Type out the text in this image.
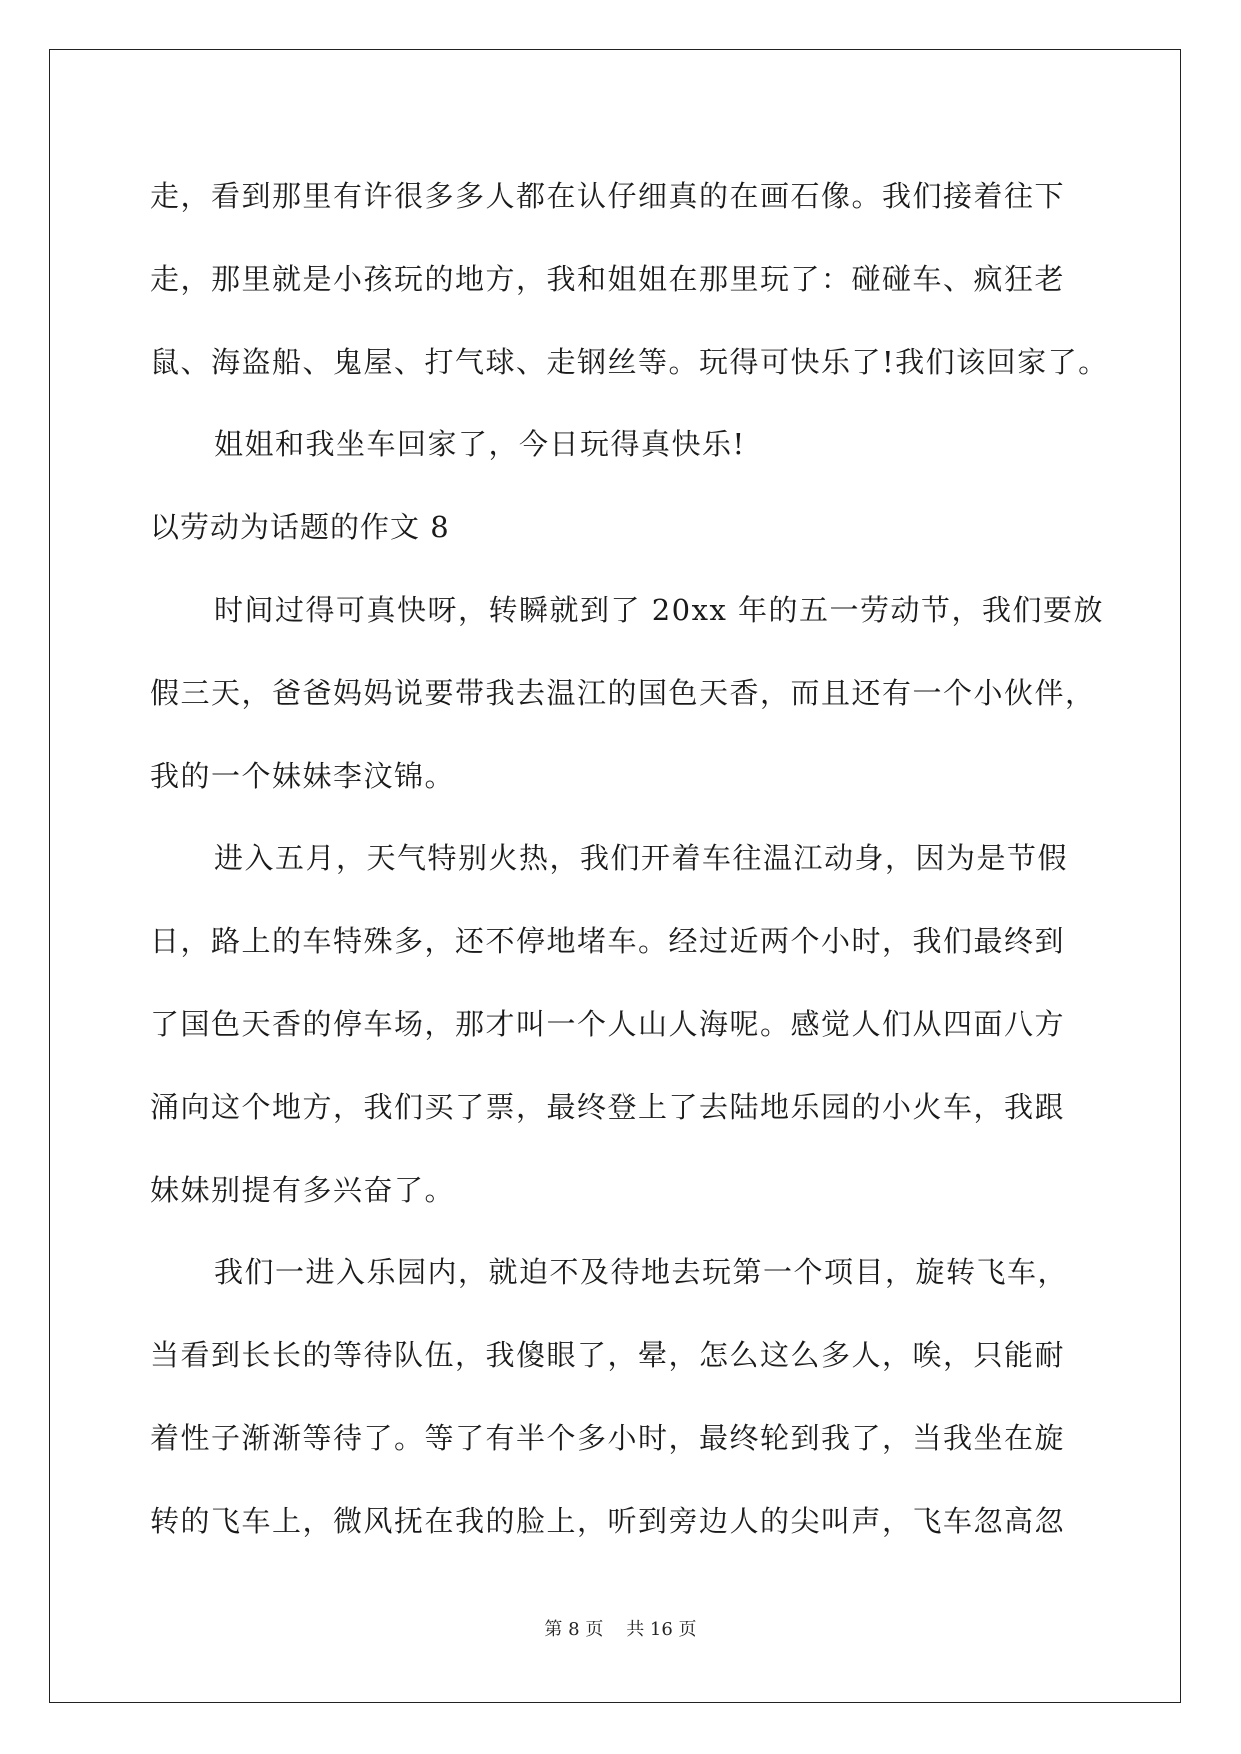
走，看到那里有许很多多人都在认仔细真的在画石像。我们接着往下
走，那里就是小孩玩的地方，我和姐姐在那里玩了：碰碰车、疯狂老
鼠、海盗船、鬼屋、打气球、走钢丝等。玩得可快乐了!我们该回家了。
姐姐和我坐车回家了，今日玩得真快乐!
以劳动为话题的作文 8
时间过得可真快呀，转瞬就到了 20xx 年的五一劳动节，我们要放
假三天，爸爸妈妈说要带我去温江的国色天香，而且还有一个小伙伴，
我的一个妹妹李汶锦。
进入五月，天气特别火热，我们开着车往温江动身，因为是节假
日，路上的车特殊多，还不停地堵车。经过近两个小时，我们最终到
了国色天香的停车场，那才叫一个人山人海呢。感觉人们从四面八方
涌向这个地方，我们买了票，最终登上了去陆地乐园的小火车，我跟
妹妹别提有多兴奋了。
我们一进入乐园内，就迫不及待地去玩第一个项目，旋转飞车，
当看到长长的等待队伍，我傻眼了，晕，怎么这么多人，唉，只能耐
着性子渐渐等待了。等了有半个多小时，最终轮到我了，当我坐在旋
转的飞车上，微风抚在我的脸上，听到旁边人的尖叫声，飞车忽高忽
第 8 页    共 16 页
